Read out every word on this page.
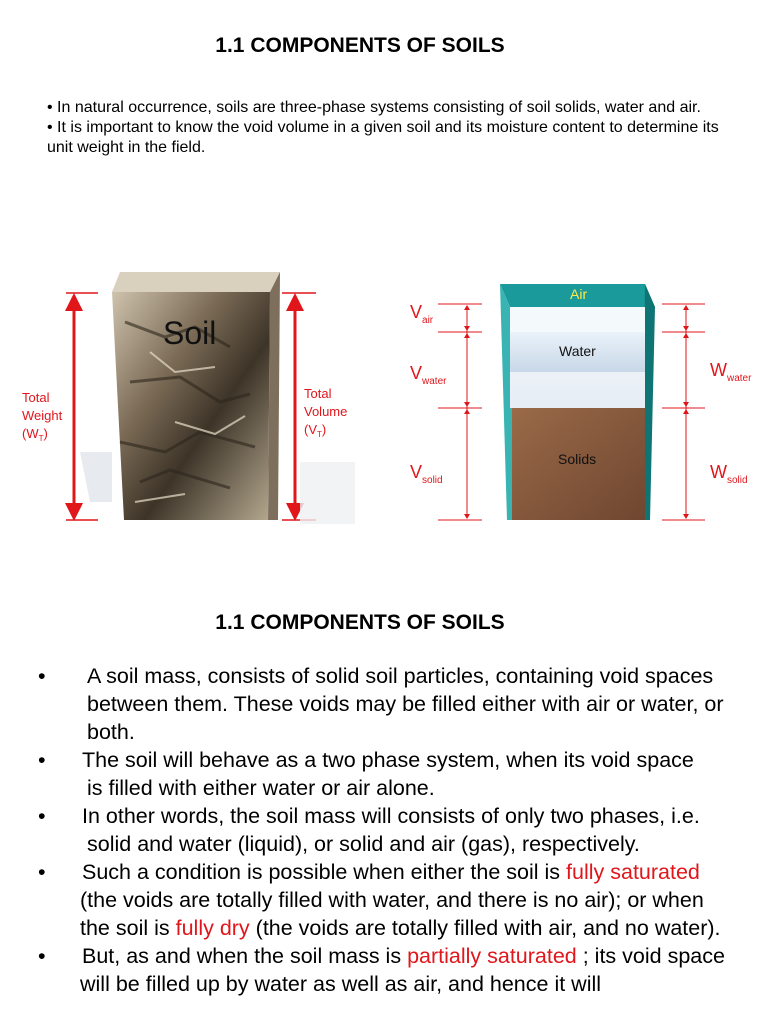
1.1 COMPONENTS OF SOILS

• In natural occurrence, soils are three-phase systems consisting of soil solids, water and air.

• It is important to know the void volume in a given soil and its moisture content to determine its unit weight in the field.

Soil
Total Weight $(W_T)$
Total Volume $(V_T)$
Air
Water
Solids
$V_{air}$
$V_{water}$
$V_{solid}$
$W_{water}$
$W_{solid}$
1.1 COMPONENTS OF SOILS
•	A soil mass, consists of solid soil particles, containing void spaces between them. These voids may be filled either with air or water, or both.
•	The soil will behave as a two phase system, when its void space is filled with either water or air alone.
•	In other words, the soil mass will consists of only two phases, i.e. solid and water (liquid), or solid and air (gas), respectively.
•	Such a condition is possible when either the soil is fully saturated (the voids are totally filled with water, and there is no air); or when the soil is fully dry (the voids are totally filled with air, and no water).
•	But, as and when the soil mass is partially saturated ; its void space will be filled up by water as well as air, and hence it will
